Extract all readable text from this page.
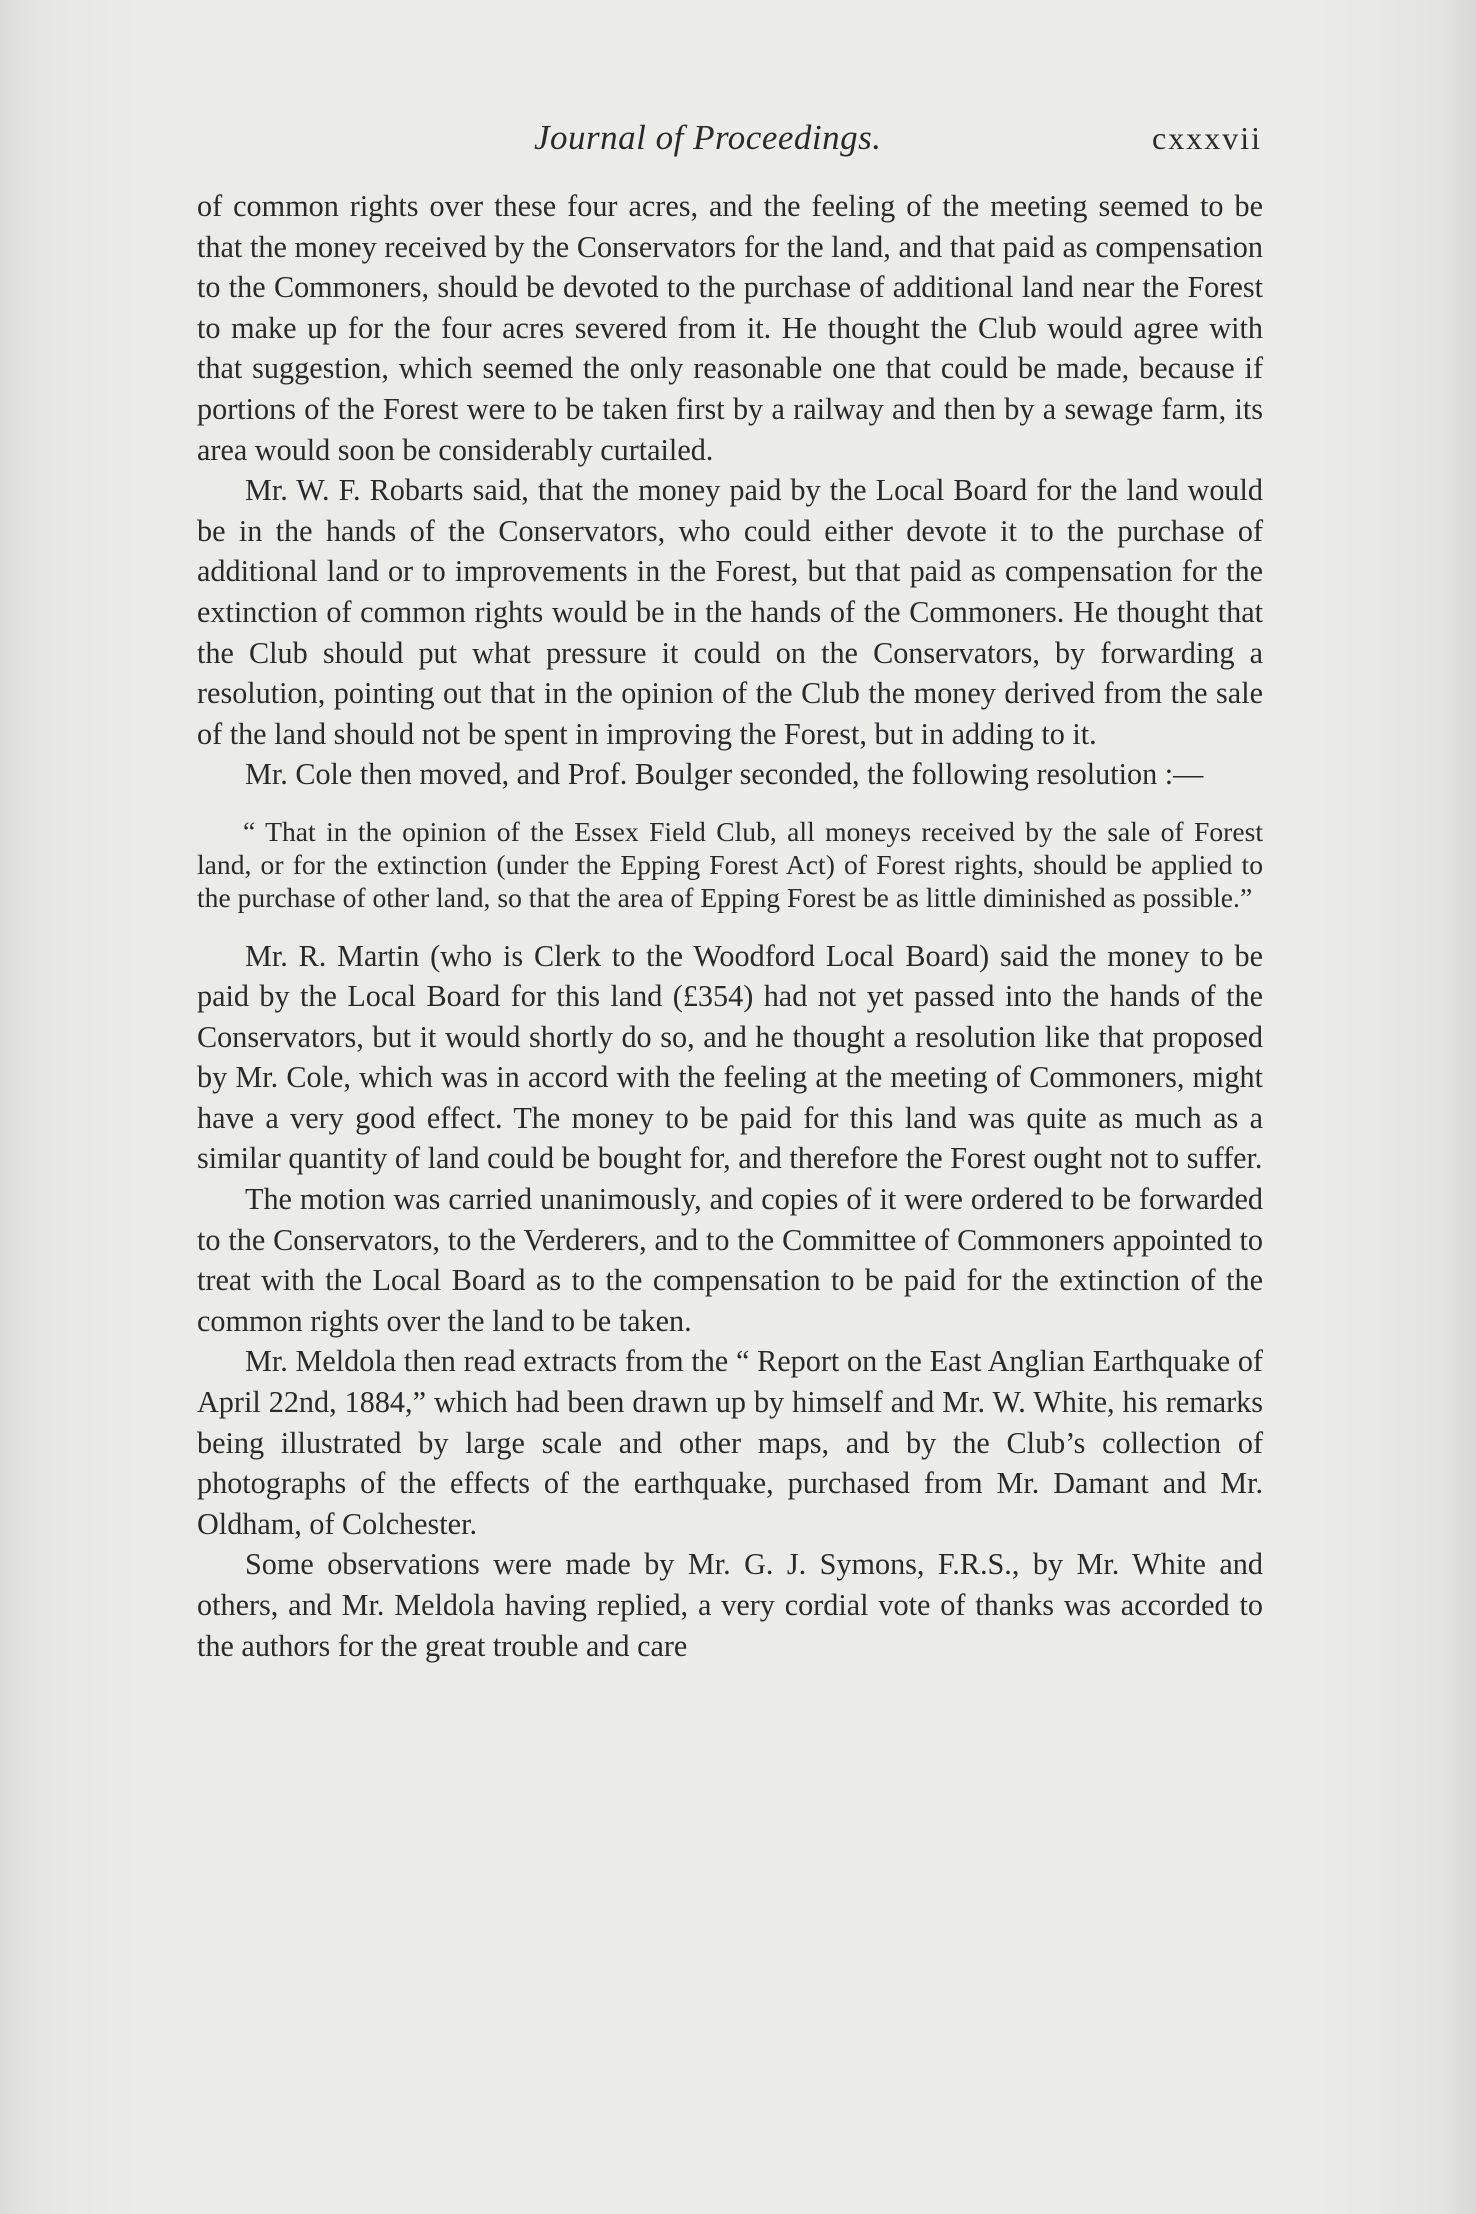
Journal of Proceedings.	cxxxvii

of common rights over these four acres, and the feeling of the meeting seemed to be that the money received by the Conservators for the land, and that paid as compensation to the Commoners, should be devoted to the purchase of additional land near the Forest to make up for the four acres severed from it. He thought the Club would agree with that suggestion, which seemed the only reasonable one that could be made, because if portions of the Forest were to be taken first by a railway and then by a sewage farm, its area would soon be considerably curtailed.

Mr. W. F. Robarts said, that the money paid by the Local Board for the land would be in the hands of the Conservators, who could either devote it to the purchase of additional land or to improvements in the Forest, but that paid as compensation for the extinction of common rights would be in the hands of the Commoners. He thought that the Club should put what pressure it could on the Conservators, by forwarding a resolution, pointing out that in the opinion of the Club the money derived from the sale of the land should not be spent in improving the Forest, but in adding to it.

Mr. Cole then moved, and Prof. Boulger seconded, the following resolution :—

“ That in the opinion of the Essex Field Club, all moneys received by the sale of Forest land, or for the extinction (under the Epping Forest Act) of Forest rights, should be applied to the purchase of other land, so that the area of Epping Forest be as little diminished as possible.”

Mr. R. Martin (who is Clerk to the Woodford Local Board) said the money to be paid by the Local Board for this land (£354) had not yet passed into the hands of the Conservators, but it would shortly do so, and he thought a resolution like that proposed by Mr. Cole, which was in accord with the feeling at the meeting of Commoners, might have a very good effect. The money to be paid for this land was quite as much as a similar quantity of land could be bought for, and therefore the Forest ought not to suffer.

The motion was carried unanimously, and copies of it were ordered to be forwarded to the Conservators, to the Verderers, and to the Committee of Commoners appointed to treat with the Local Board as to the compensation to be paid for the extinction of the common rights over the land to be taken.

Mr. Meldola then read extracts from the “ Report on the East Anglian Earthquake of April 22nd, 1884,” which had been drawn up by himself and Mr. W. White, his remarks being illustrated by large scale and other maps, and by the Club’s collection of photographs of the effects of the earthquake, purchased from Mr. Damant and Mr. Oldham, of Colchester.

Some observations were made by Mr. G. J. Symons, F.R.S., by Mr. White and others, and Mr. Meldola having replied, a very cordial vote of thanks was accorded to the authors for the great trouble and care
